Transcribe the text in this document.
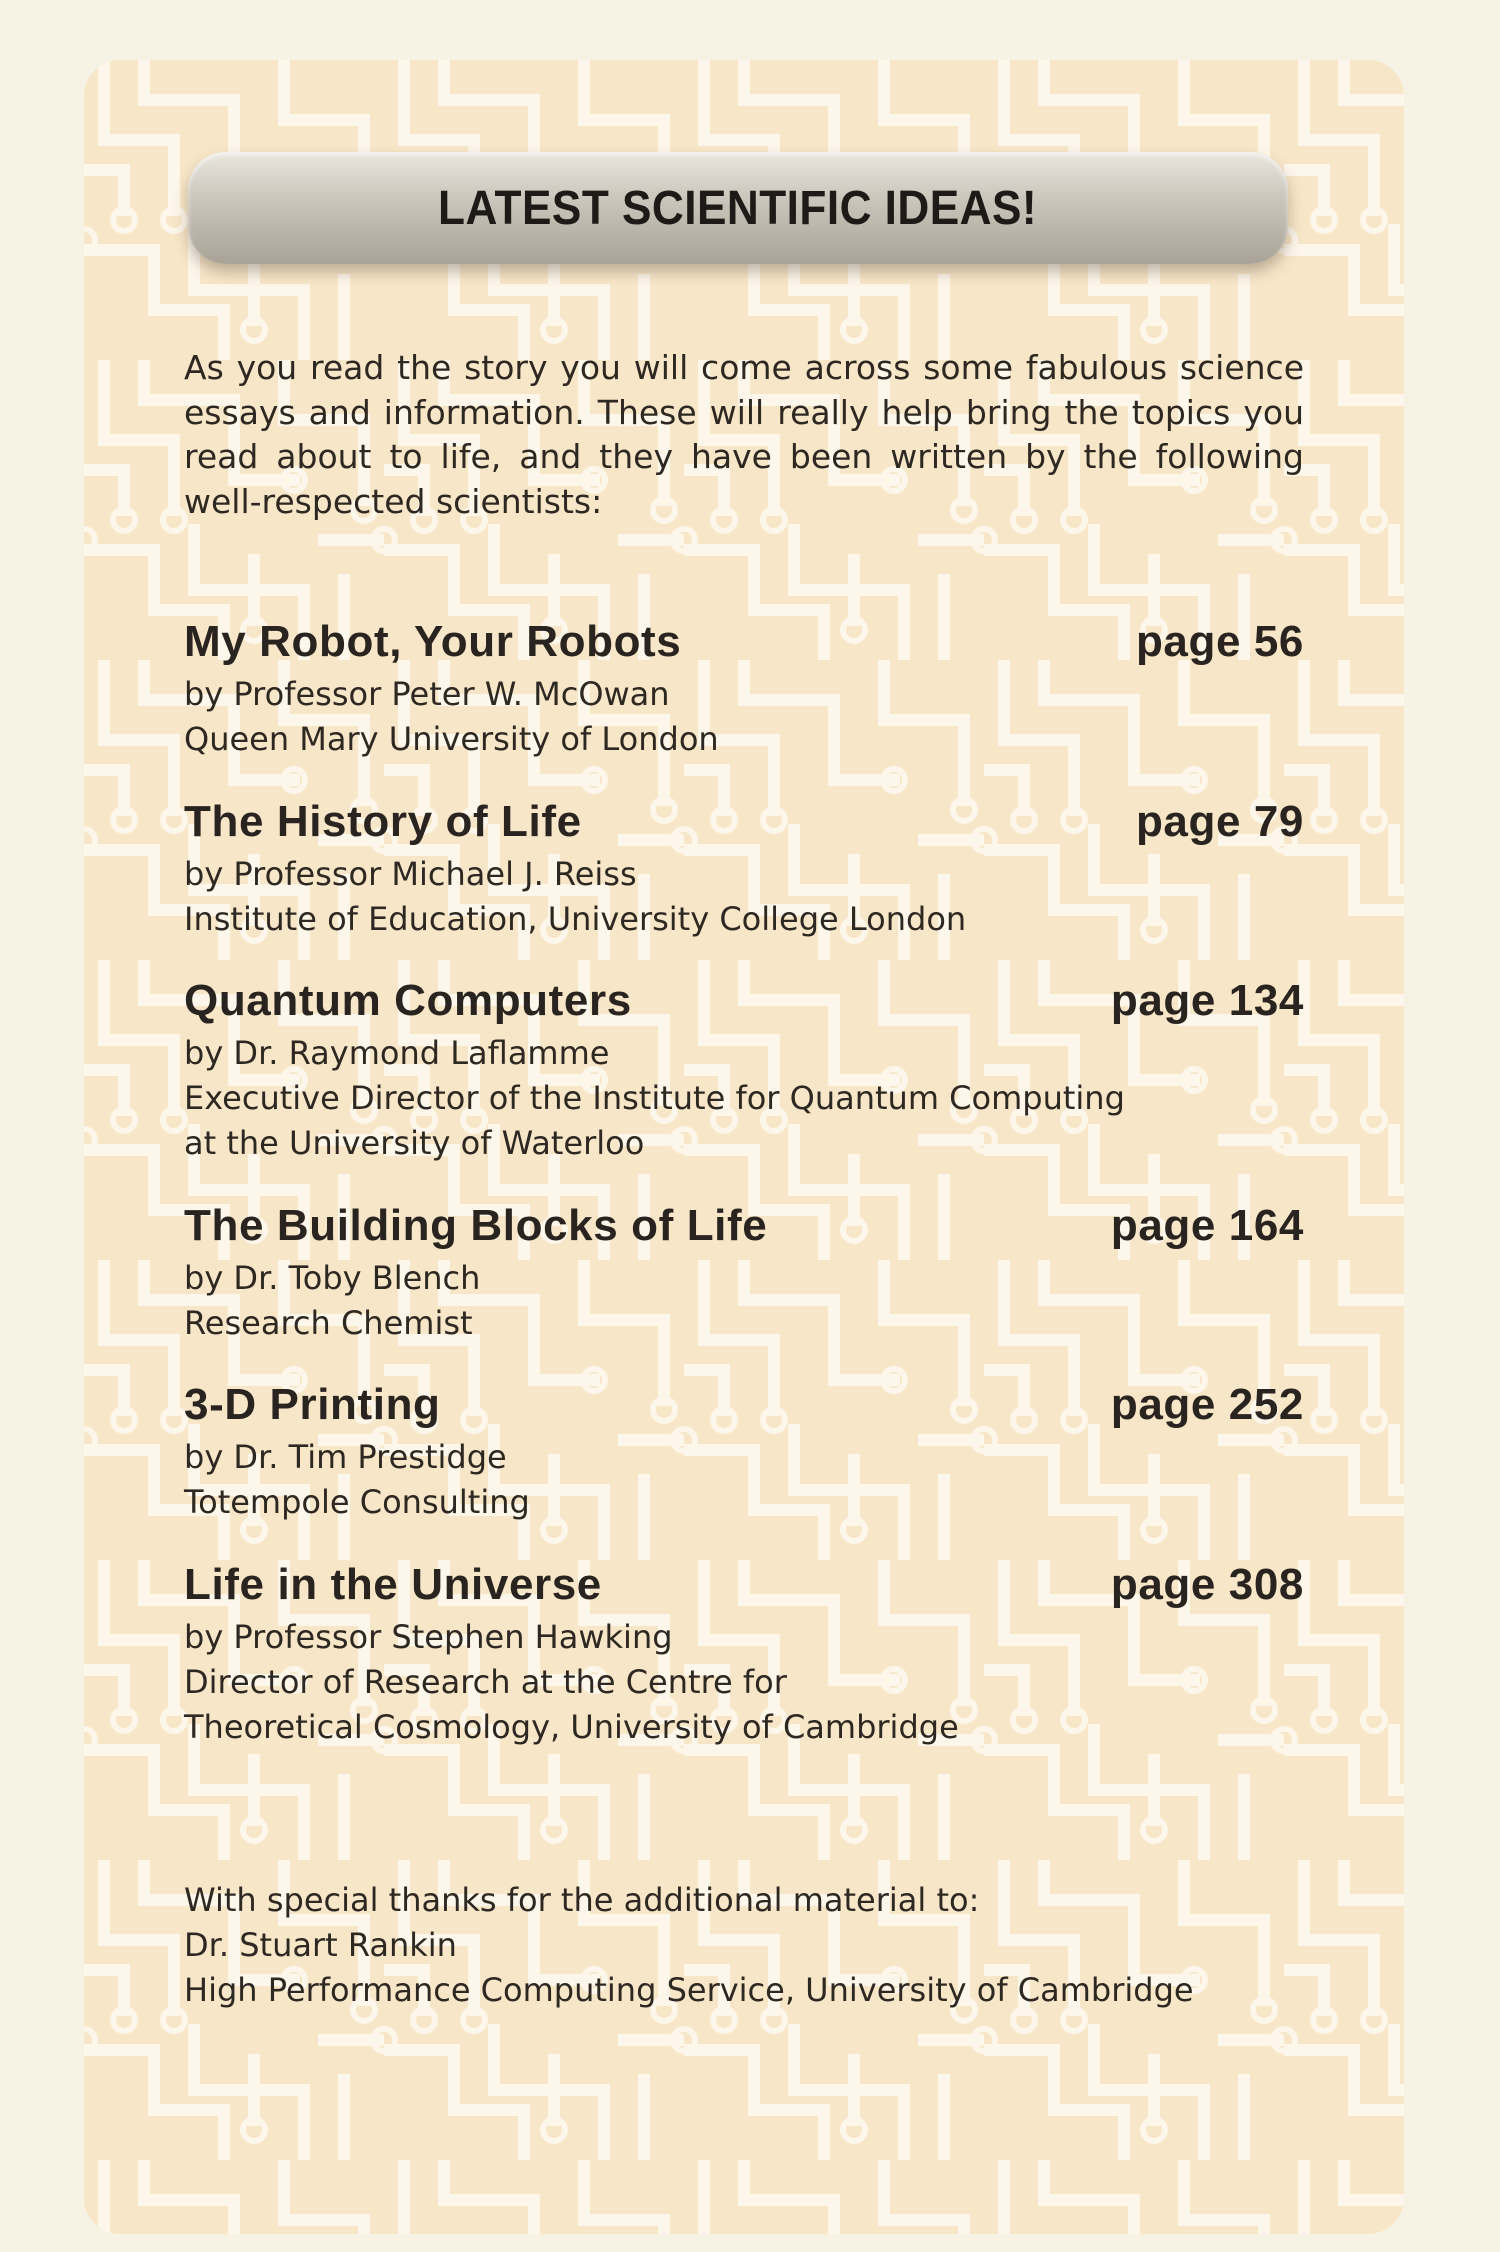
LATEST SCIENTIFIC IDEAS!
As you read the story you will come across some fabulous science essays and information. These will really help bring the topics you read about to life, and they have been written by the following well-respected scientists:
My Robot, Your Robots	page 56
by Professor Peter W. McOwan
Queen Mary University of London
The History of Life	page 79
by Professor Michael J. Reiss
Institute of Education, University College London
Quantum Computers	page 134
by Dr. Raymond Laflamme
Executive Director of the Institute for Quantum Computing
at the University of Waterloo
The Building Blocks of Life	page 164
by Dr. Toby Blench
Research Chemist
3-D Printing	page 252
by Dr. Tim Prestidge
Totempole Consulting
Life in the Universe	page 308
by Professor Stephen Hawking
Director of Research at the Centre for
Theoretical Cosmology, University of Cambridge
With special thanks for the additional material to:
Dr. Stuart Rankin
High Performance Computing Service, University of Cambridge
